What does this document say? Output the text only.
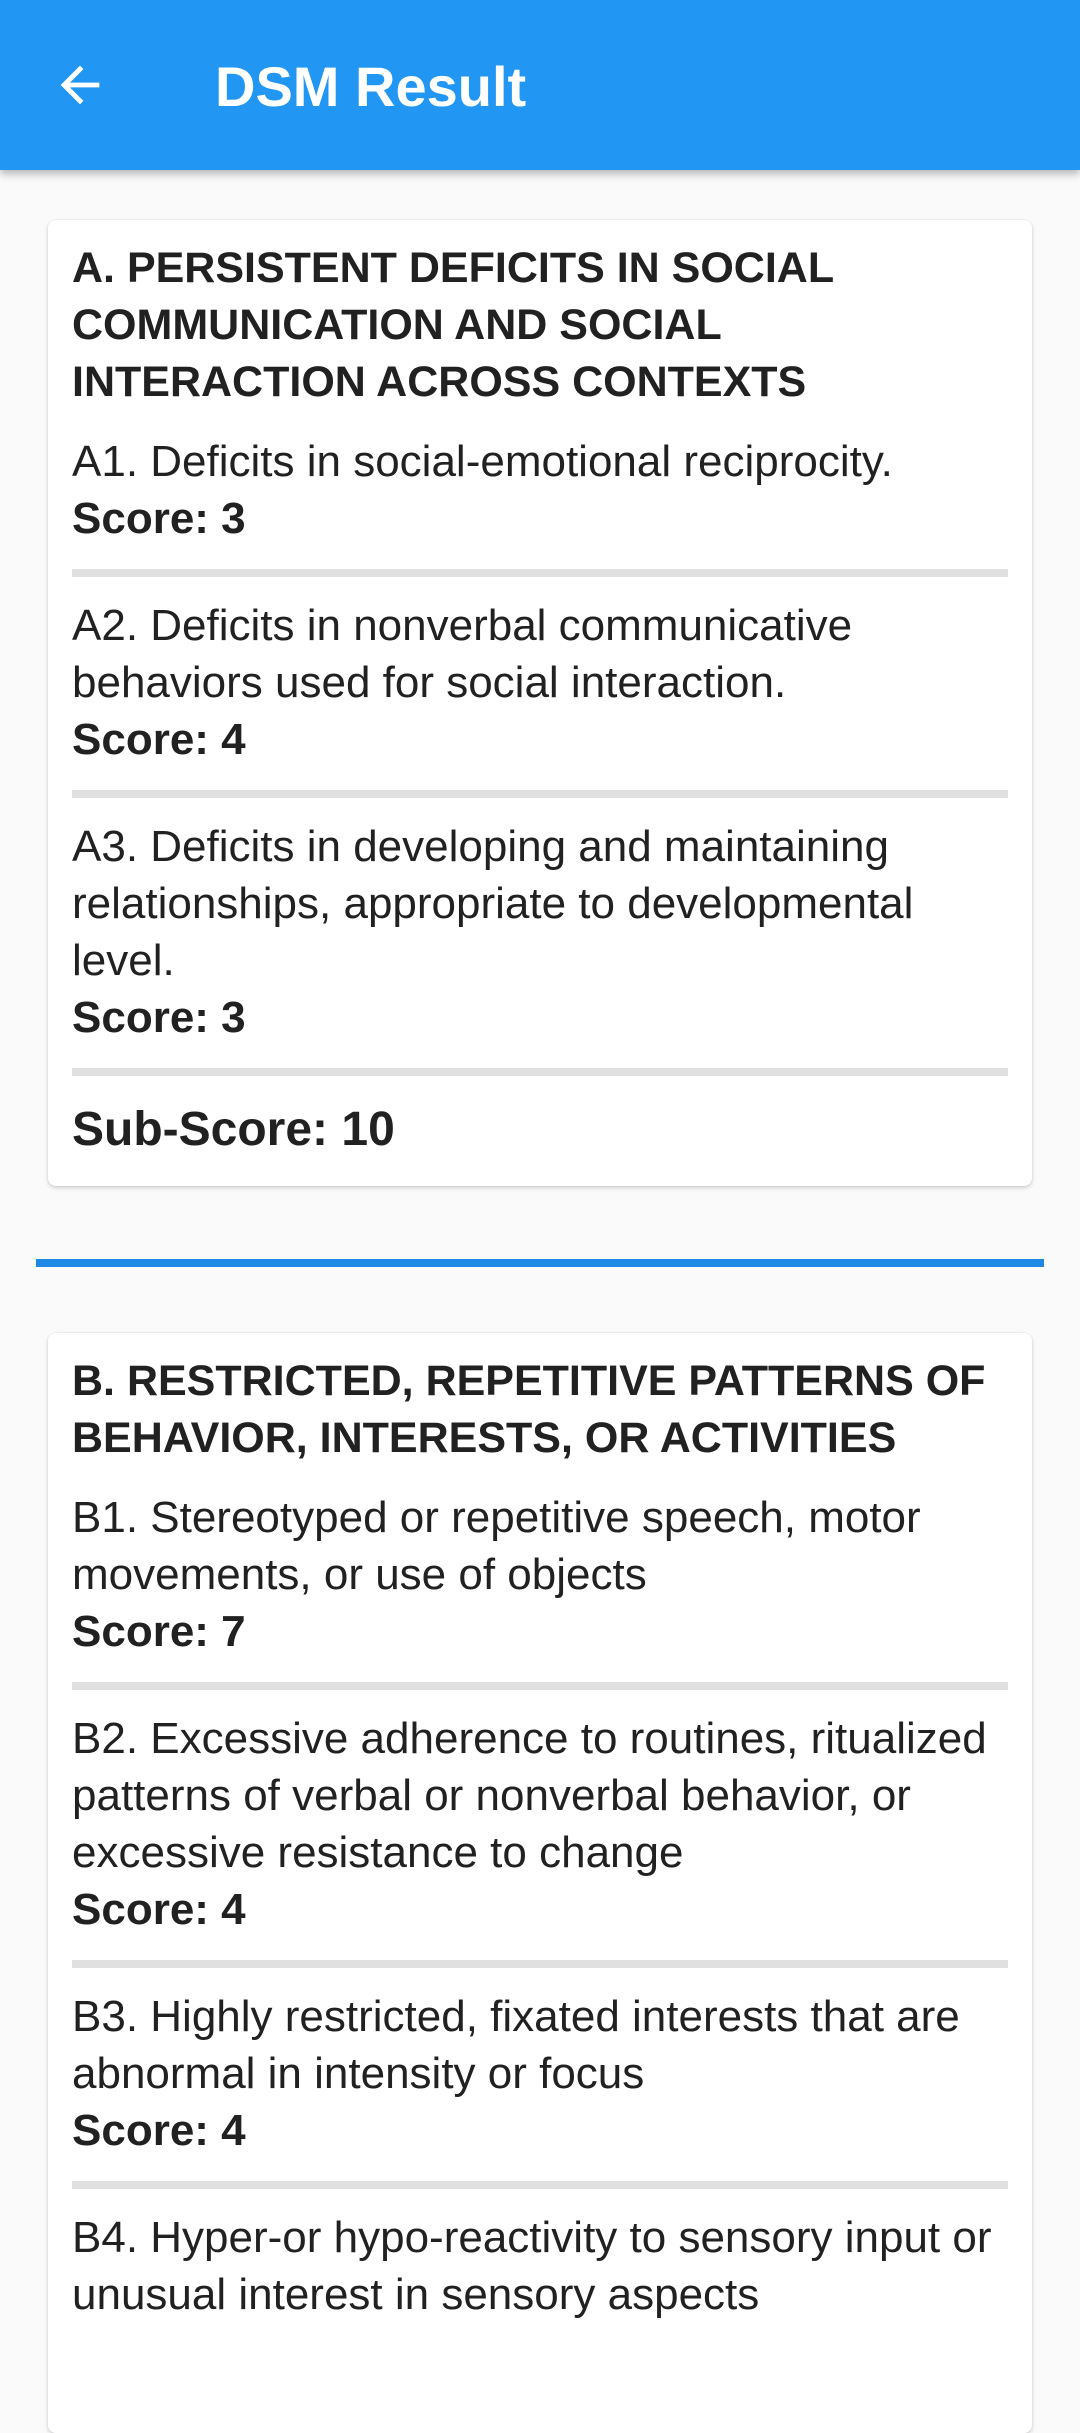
DSM Result
A. PERSISTENT DEFICITS IN SOCIAL COMMUNICATION AND SOCIAL INTERACTION ACROSS CONTEXTS
A1. Deficits in social-emotional reciprocity.
Score: 3
A2. Deficits in nonverbal communicative behaviors used for social interaction.
Score: 4
A3. Deficits in developing and maintaining relationships, appropriate to developmental level.
Score: 3
Sub-Score: 10
B. RESTRICTED, REPETITIVE PATTERNS OF BEHAVIOR, INTERESTS, OR ACTIVITIES
B1. Stereotyped or repetitive speech, motor movements, or use of objects
Score: 7
B2. Excessive adherence to routines, ritualized patterns of verbal or nonverbal behavior, or excessive resistance to change
Score: 4
B3. Highly restricted, fixated interests that are abnormal in intensity or focus
Score: 4
B4. Hyper-or hypo-reactivity to sensory input or unusual interest in sensory aspects
